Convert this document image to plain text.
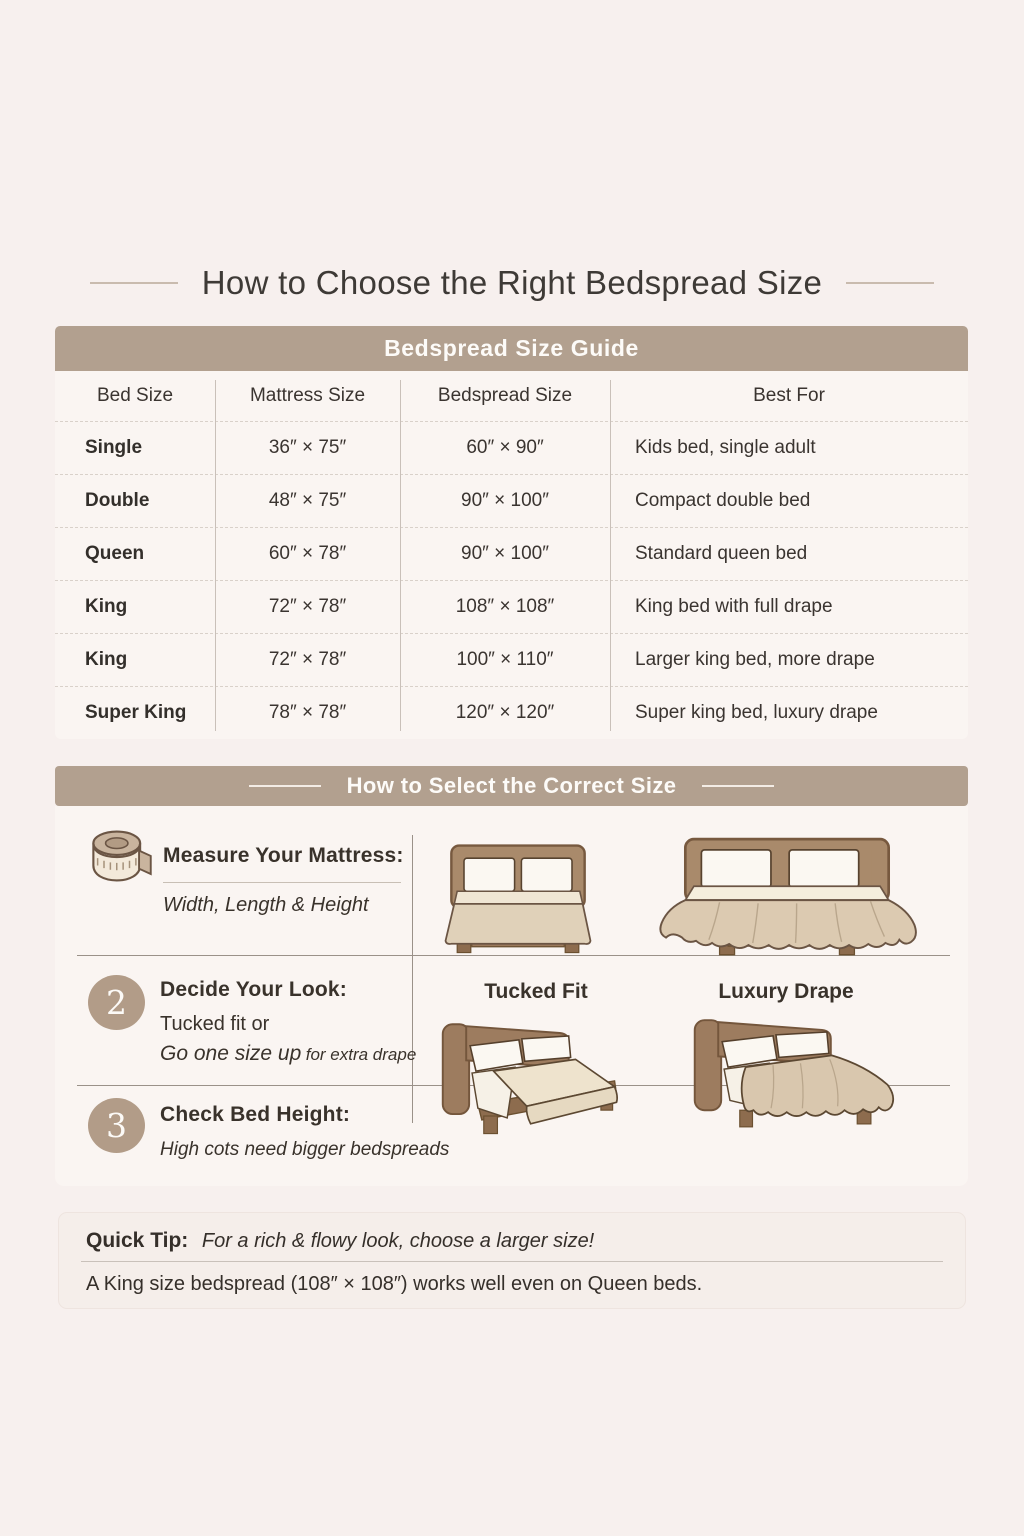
How to Choose the Right Bedspread Size
Bedspread Size Guide
Bed Size	Mattress Size	Bedspread Size	Best For
Single	36″ × 75″	60″ × 90″	Kids bed, single adult
Double	48″ × 75″	90″ × 100″	Compact double bed
Queen	60″ × 78″	90″ × 100″	Standard queen bed
King	72″ × 78″	108″ × 108″	King bed with full drape
King	72″ × 78″	100″ × 110″	Larger king bed, more drape
Super King	78″ × 78″	120″ × 120″	Super king bed, luxury drape
How to Select the Correct Size
Measure Your Mattress:
Width, Length & Height
2	Decide Your Look:
Tucked fit or
Go one size up for extra drape
3	Check Bed Height:
High cots need bigger bedspreads
Tucked Fit	Luxury Drape
Quick Tip: For a rich & flowy look, choose a larger size!
A King size bedspread (108″ × 108″) works well even on Queen beds.
